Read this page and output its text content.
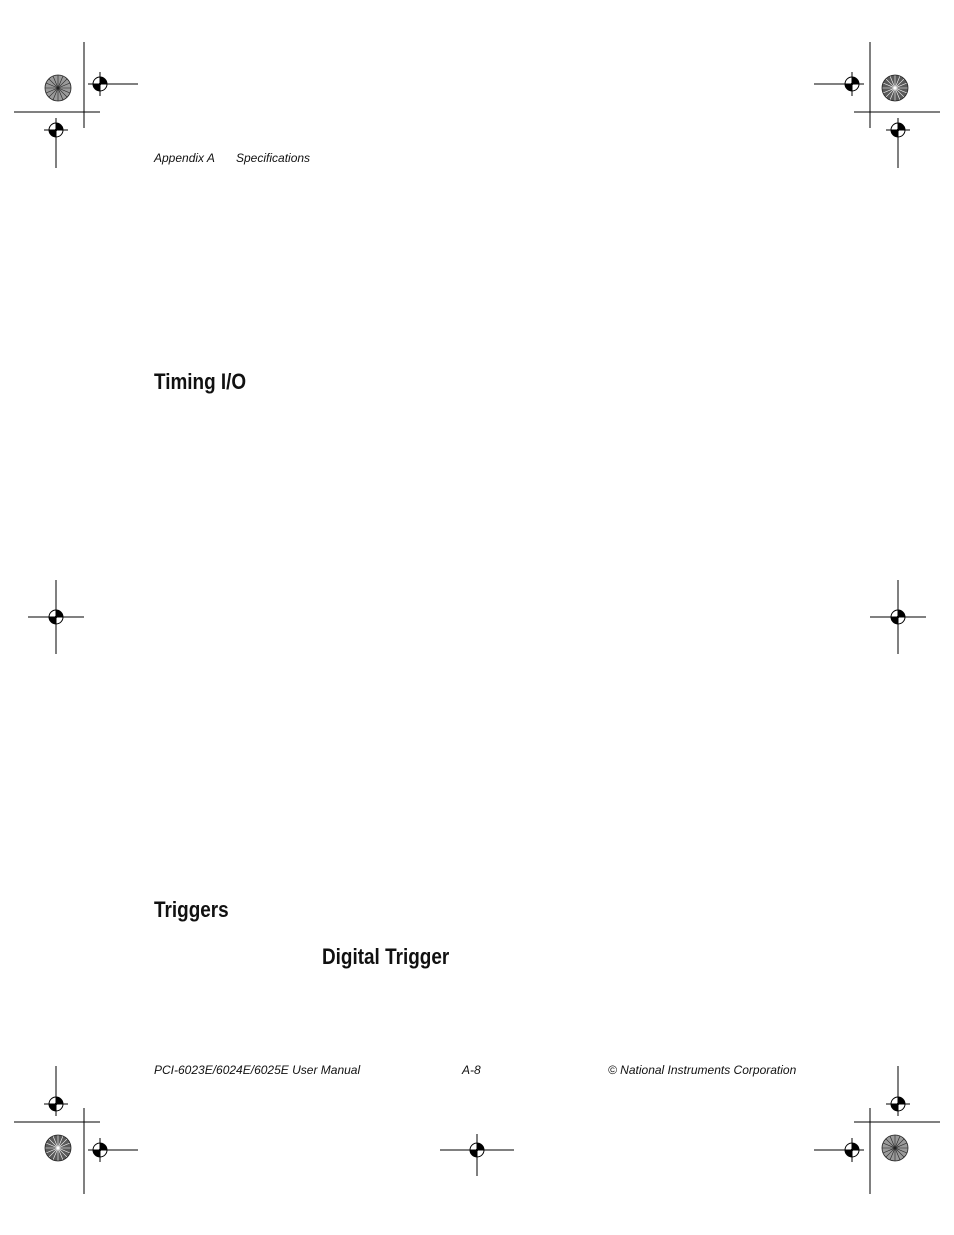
Appendix A Specifications
Timing I/O
Triggers
Digital Trigger
PCI-6023E/6024E/6025E User Manual	A-8	© National Instruments Corporation
